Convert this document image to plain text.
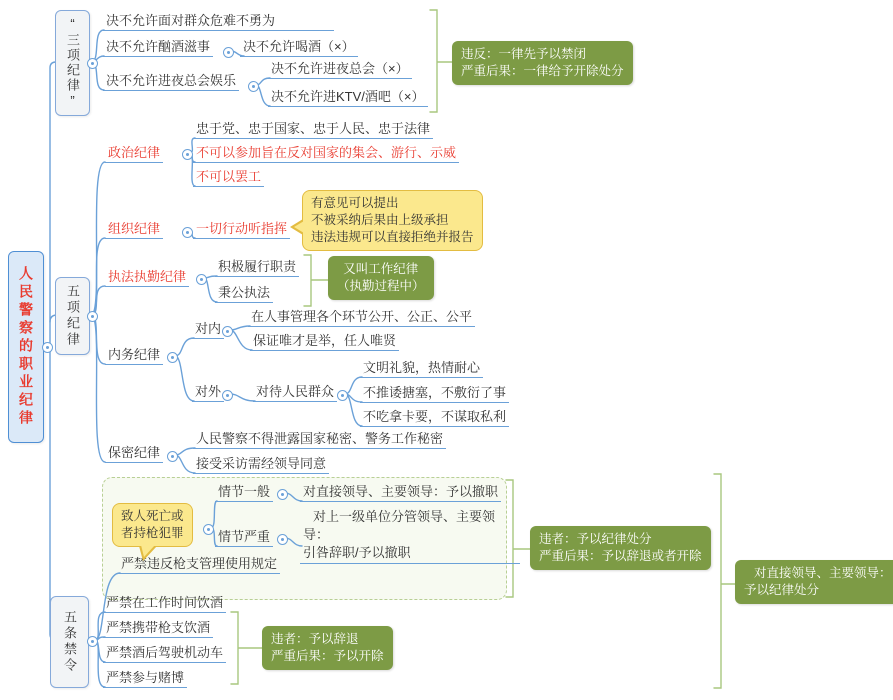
人民警察的职业纪律
“三项纪律”
五项纪律
五条禁令
决不允许面对群众危难不勇为
决不允许酗酒滋事	决不允许喝酒（×）
决不允许进夜总会娱乐
决不允许进夜总会（×）
决不允许进KTV/酒吧（×）
违反：一律先予以禁闭
严重后果：一律给予开除处分
政治纪律
忠于党、忠于国家、忠于人民、忠于法律
不可以参加旨在反对国家的集会、游行、示威
不可以罢工
组织纪律	一切行动听指挥
有意见可以提出
不被采纳后果由上级承担
违法违规可以直接拒绝并报告
执法执勤纪律
积极履行职责
秉公执法
又叫工作纪律
（执勤过程中）
内务纪律
对内
在人事管理各个环节公开、公正、公平
保证唯才是举，任人唯贤
对外	对待人民群众
文明礼貌，热情耐心
不推诿搪塞，不敷衍了事
不吃拿卡要，不谋取私利
保密纪律
人民警察不得泄露国家秘密、警务工作秘密
接受采访需经领导同意
致人死亡或
者持枪犯罪
情节一般	对直接领导、主要领导：予以撤职
情节严重
对上一级单位分管领导、主要领导：
引咎辞职/予以撤职
严禁违反枪支管理使用规定
违者：予以纪律处分
严重后果：予以辞退或者开除
严禁在工作时间饮酒
严禁携带枪支饮酒
严禁酒后驾驶机动车
严禁参与赌博
违者：予以辞退
严重后果：予以开除
对直接领导、主要领导：
予以纪律处分
